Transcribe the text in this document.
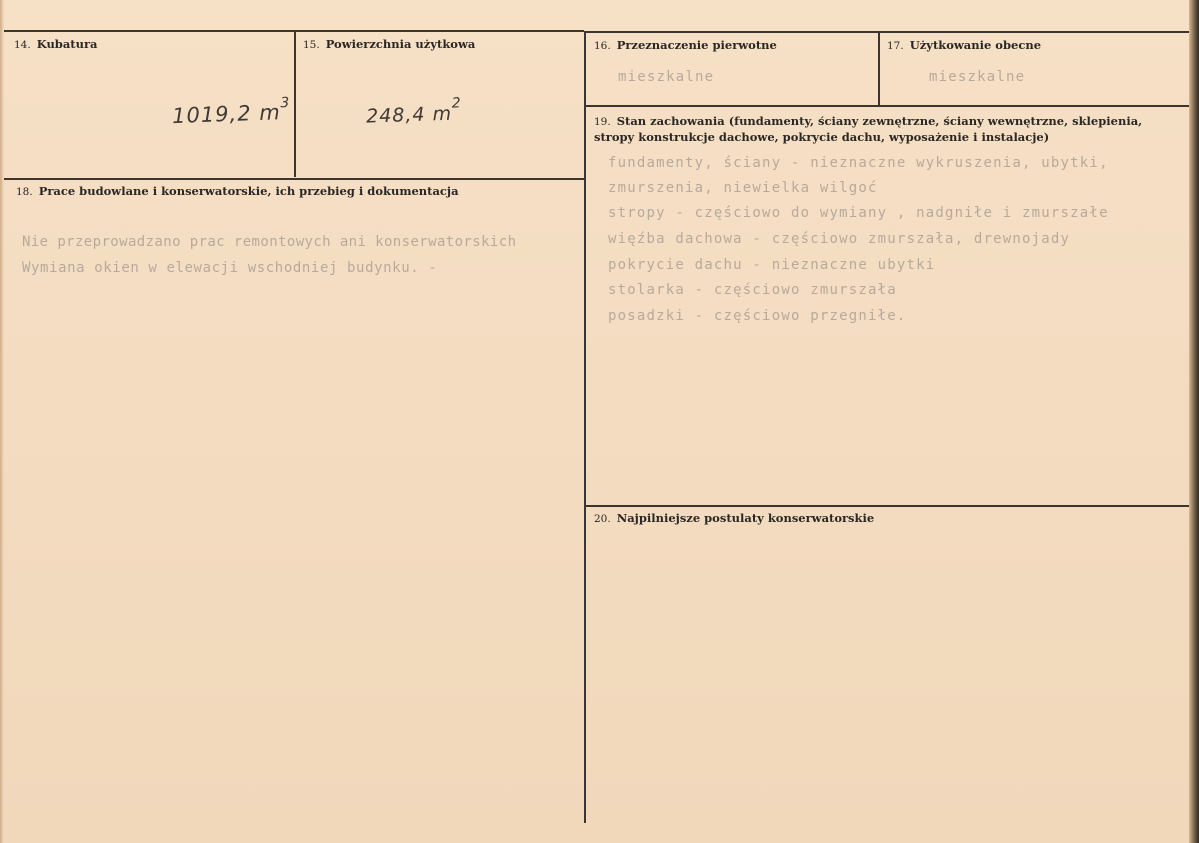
14. Kubatura
1019,2 $m^3$
15. Powierzchnia użytkowa
248,4 $m^2$
16. Przeznaczenie pierwotne
mieszkalne
17. Użytkowanie obecne
mieszkalne
18. Prace budowlane i konserwatorskie, ich przebieg i dokumentacja
Nie przeprowadzano prac remontowych ani konserwatorskich
Wymiana okien w elewacji wschodniej budynku. -
19. Stan zachowania (fundamenty, ściany zewnętrzne, ściany wewnętrzne, sklepienia, stropy konstrukcje dachowe, pokrycie dachu, wyposażenie i instalacje)
fundamenty, ściany - nieznaczne wykruszenia, ubytki,
zmurszenia, niewielka wilgoć
stropy - częściowo do wymiany , nadgniłe i zmurszałe
więźba dachowa - częściowo zmurszała, drewnojady
pokrycie dachu - nieznaczne ubytki
stolarka - częściowo zmurszała
posadzki - częściowo przegniłe.
20. Najpilniejsze postulaty konserwatorskie
